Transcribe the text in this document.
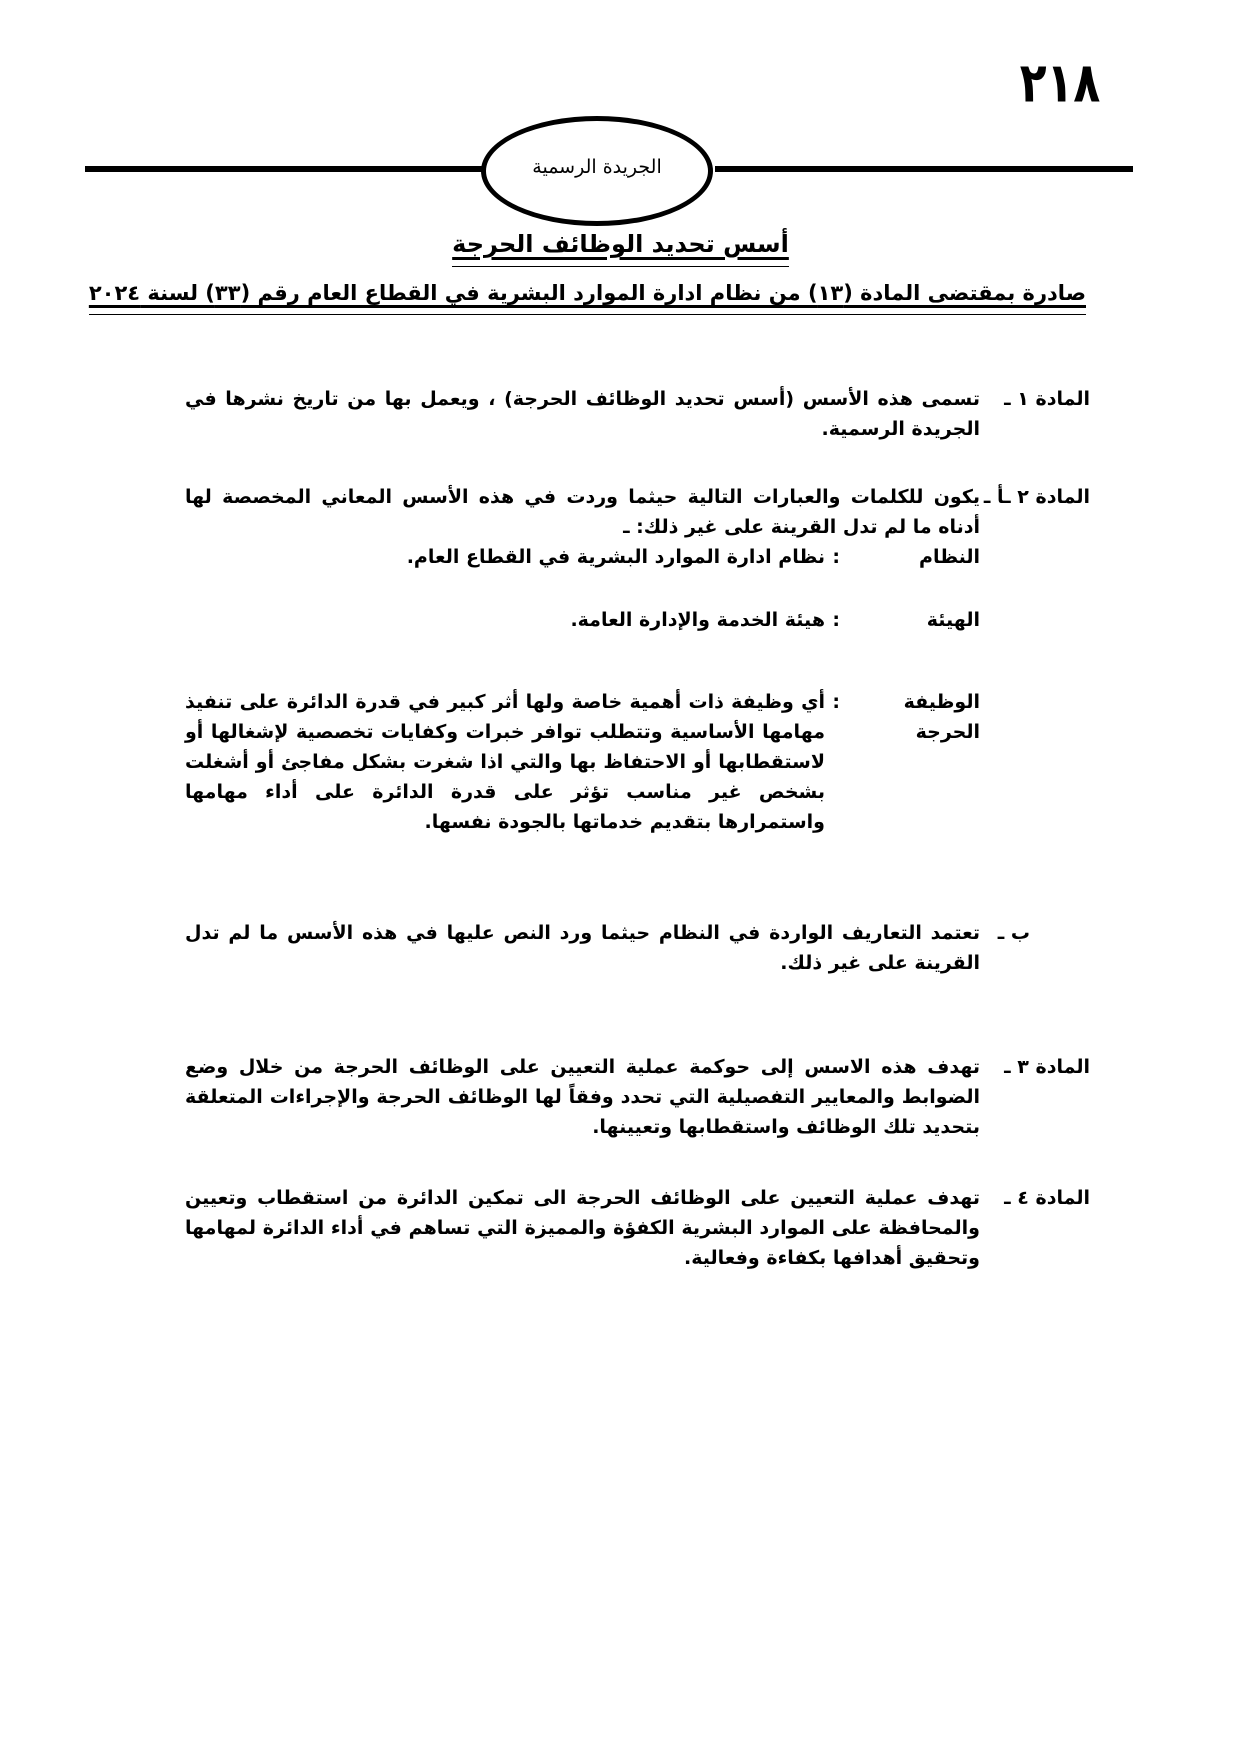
٢١٨
الجريدة الرسمية
أسس تحديد الوظائف الحرجة
صادرة بمقتضى المادة (١٣) من نظام ادارة الموارد البشرية في القطاع العام رقم (٣٣) لسنة ٢٠٢٤
المادة ١ ـ
تسمى هذه الأسس (أسس تحديد الوظائف الحرجة) ، ويعمل بها من تاريخ نشرها في الجريدة الرسمية.
المادة ٢ ـأ ـ
يكون للكلمات والعبارات التالية حيثما وردت في هذه الأسس المعاني المخصصة لها أدناه ما لم تدل القرينة على غير ذلك: ـ
النظام
:
نظام ادارة الموارد البشرية في القطاع العام.
الهيئة
:
هيئة الخدمة والإدارة العامة.
الوظيفة الحرجة
:
أي وظيفة ذات أهمية خاصة ولها أثر كبير في قدرة الدائرة على تنفيذ مهامها الأساسية وتتطلب توافر خبرات وكفايات تخصصية لإشغالها أو لاستقطابها أو الاحتفاظ بها والتي اذا شغرت بشكل مفاجئ أو أشغلت بشخص غير مناسب تؤثر على قدرة الدائرة على أداء مهامها واستمرارها بتقديم خدماتها بالجودة نفسها.
ب ـ
تعتمد التعاريف الواردة في النظام حيثما ورد النص عليها في هذه الأسس ما لم تدل القرينة على غير ذلك.
المادة ٣ ـ
تهدف هذه الاسس إلى حوكمة عملية التعيين على الوظائف الحرجة من خلال وضع الضوابط والمعايير التفصيلية التي تحدد وفقاً لها الوظائف الحرجة والإجراءات المتعلقة بتحديد تلك الوظائف واستقطابها وتعيينها.
المادة ٤ ـ
تهدف عملية التعيين على الوظائف الحرجة الى تمكين الدائرة من استقطاب وتعيين والمحافظة على الموارد البشرية الكفؤة والمميزة التي تساهم في أداء الدائرة لمهامها وتحقيق أهدافها بكفاءة وفعالية.
